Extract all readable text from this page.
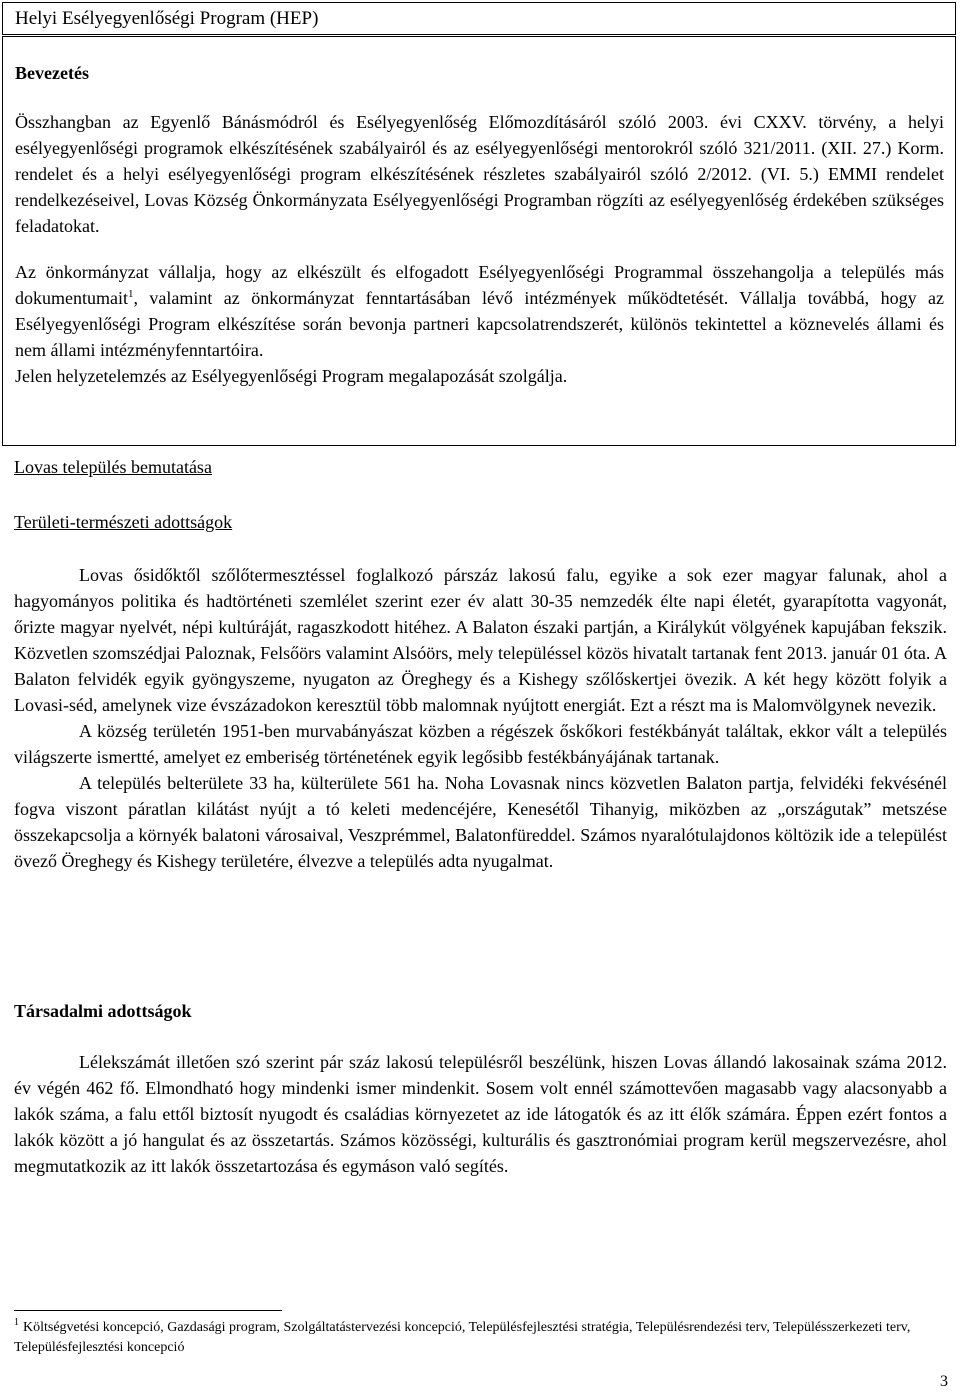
Helyi Esélyegyenlőségi Program (HEP)
Bevezetés

Összhangban az Egyenlő Bánásmódról és Esélyegyenlőség Előmozdításáról szóló 2003. évi CXXV. törvény, a helyi esélyegyenlőségi programok elkészítésének szabályairól és az esélyegyenlőségi mentorokról szóló 321/2011. (XII. 27.) Korm. rendelet és a helyi esélyegyenlőségi program elkészítésének részletes szabályairól szóló 2/2012. (VI. 5.) EMMI rendelet rendelkezéseivel, Lovas Község Önkormányzata Esélyegyenlőségi Programban rögzíti az esélyegyenlőség érdekében szükséges feladatokat.

Az önkormányzat vállalja, hogy az elkészült és elfogadott Esélyegyenlőségi Programmal összehangolja a település más dokumentumait$^1$, valamint az önkormányzat fenntartásában lévő intézmények működtetését. Vállalja továbbá, hogy az Esélyegyenlőségi Program elkészítése során bevonja partneri kapcsolatrendszerét, különös tekintettel a köznevelés állami és nem állami intézményfenntartóira.

Jelen helyzetelemzés az Esélyegyenlőségi Program megalapozását szolgálja.

Lovas település bemutatása
Területi-természeti adottságok

Lovas ősidőktől szőlőtermesztéssel foglalkozó párszáz lakosú falu, egyike a sok ezer magyar falunak, ahol a hagyományos politika és hadtörténeti szemlélet szerint ezer év alatt 30-35 nemzedék élte napi életét, gyarapította vagyonát, őrizte magyar nyelvét, népi kultúráját, ragaszkodott hitéhez. A Balaton északi partján, a Királykút völgyének kapujában fekszik. Közvetlen szomszédjai Paloznak, Felsőörs valamint Alsóörs, mely településsel közös hivatalt tartanak fent 2013. január 01 óta. A Balaton felvidék egyik gyöngyszeme, nyugaton az Öreghegy és a Kishegy szőlőskertjei övezik. A két hegy között folyik a Lovasi-séd, amelynek vize évszázadokon keresztül több malomnak nyújtott energiát. Ezt a részt ma is Malomvölgynek nevezik.

A község területén 1951-ben murvabányászat közben a régészek őskőkori festékbányát találtak, ekkor vált a település világszerte ismertté, amelyet ez emberiség történetének egyik legősibb festékbányájának tartanak.

A település belterülete 33 ha, külterülete 561 ha. Noha Lovasnak nincs közvetlen Balaton partja, felvidéki fekvésénél fogva viszont páratlan kilátást nyújt a tó keleti medencéjére, Kenesétől Tihanyig, miközben az „országutak” metszése összekapcsolja a környék balatoni városaival, Veszprémmel, Balatonfüreddel. Számos nyaralótulajdonos költözik ide a települést övező Öreghegy és Kishegy területére, élvezve a település adta nyugalmat.

Társadalmi adottságok

Lélekszámát illetően szó szerint pár száz lakosú településről beszélünk, hiszen Lovas állandó lakosainak száma 2012. év végén 462 fő. Elmondható hogy mindenki ismer mindenkit. Sosem volt ennél számottevően magasabb vagy alacsonyabb a lakók száma, a falu ettől biztosít nyugodt és családias környezetet az ide látogatók és az itt élők számára. Éppen ezért fontos a lakók között a jó hangulat és az összetartás. Számos közösségi, kulturális és gasztronómiai program kerül megszervezésre, ahol megmutatkozik az itt lakók összetartozása és egymáson való segítés.

$^1$ Költségvetési koncepció, Gazdasági program, Szolgáltatástervezési koncepció, Településfejlesztési stratégia, Településrendezési terv, Településszerkezeti terv, Településfejlesztési koncepció
3
